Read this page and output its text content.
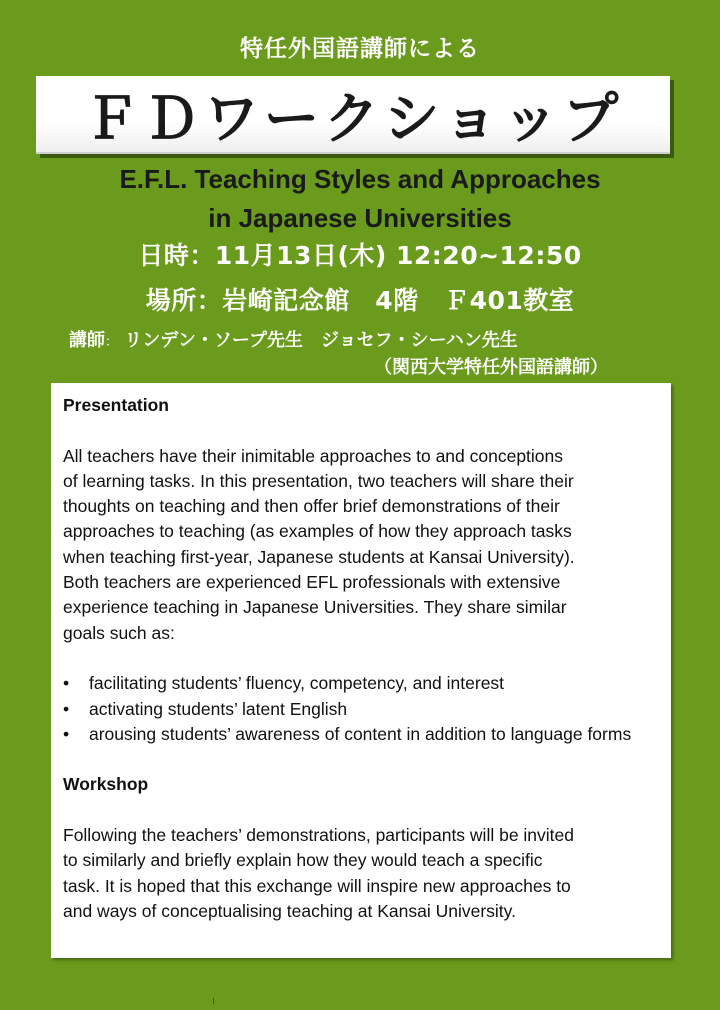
特任外国語講師による
ＦＤワークショップ
E.F.L. Teaching Styles and Approaches
in Japanese Universities
日時：11月13日(木) 12:20~12:50
場所：岩崎記念館　4階　Ｆ401教室
講師： リンデン・ソープ先生　ジョセフ・シーハン先生
（関西大学特任外国語講師）

Presentation

All teachers have their inimitable approaches to and conceptions

of learning tasks. In this presentation, two teachers will share their

thoughts on teaching and then offer brief demonstrations of their

approaches to teaching (as examples of how they approach tasks

when teaching first-year, Japanese students at Kansai University).

Both teachers are experienced EFL professionals with extensive

experience teaching in Japanese Universities. They share similar

goals such as:

• facilitating students’ fluency, competency, and interest
• activating students’ latent English
• arousing students’ awareness of content in addition to language forms

Workshop

Following the teachers’ demonstrations, participants will be invited

to similarly and briefly explain how they would teach a specific

task. It is hoped that this exchange will inspire new approaches to

and ways of conceptualising teaching at Kansai University.
